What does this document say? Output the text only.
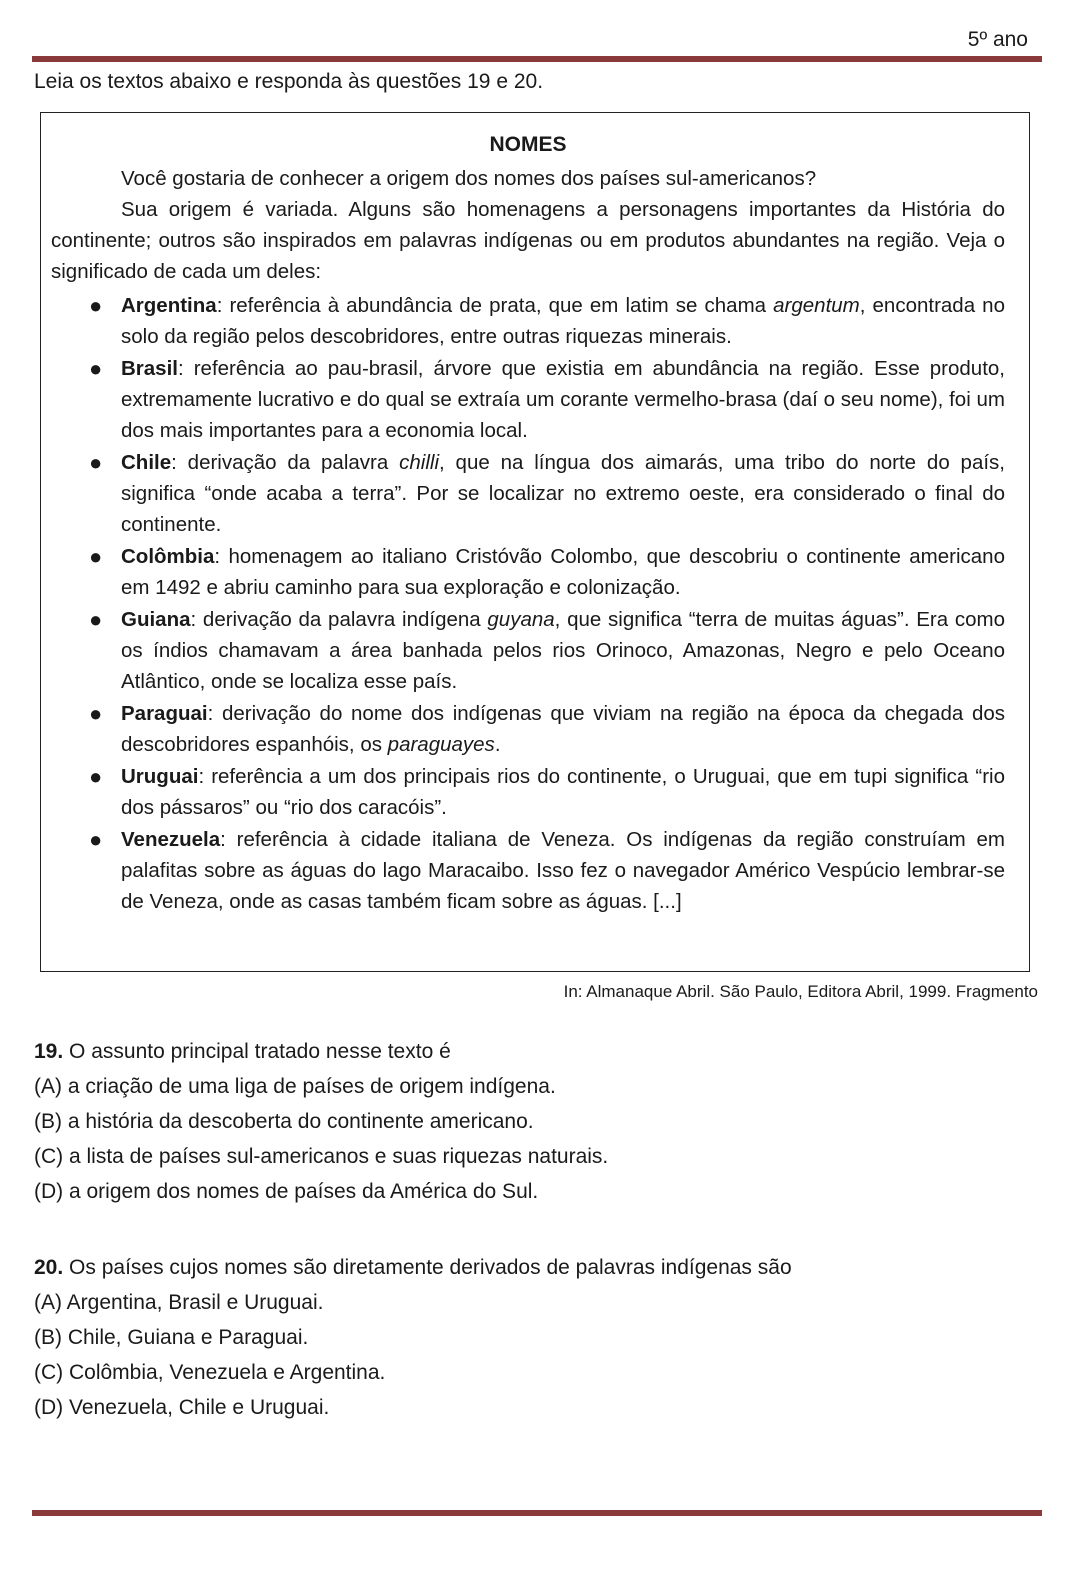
5º ano
Leia os textos abaixo e responda às questões 19 e 20.
NOMES

Você gostaria de conhecer a origem dos nomes dos países sul-americanos?

Sua origem é variada. Alguns são homenagens a personagens importantes da História do continente; outros são inspirados em palavras indígenas ou em produtos abundantes na região. Veja o significado de cada um deles:

● Argentina: referência à abundância de prata, que em latim se chama argentum, encontrada no solo da região pelos descobridores, entre outras riquezas minerais.
● Brasil: referência ao pau-brasil, árvore que existia em abundância na região. Esse produto, extremamente lucrativo e do qual se extraía um corante vermelho-brasa (daí o seu nome), foi um dos mais importantes para a economia local.
● Chile: derivação da palavra chilli, que na língua dos aimarás, uma tribo do norte do país, significa “onde acaba a terra”. Por se localizar no extremo oeste, era considerado o final do continente.
● Colômbia: homenagem ao italiano Cristóvão Colombo, que descobriu o continente americano em 1492 e abriu caminho para sua exploração e colonização.
● Guiana: derivação da palavra indígena guyana, que significa “terra de muitas águas”. Era como os índios chamavam a área banhada pelos rios Orinoco, Amazonas, Negro e pelo Oceano Atlântico, onde se localiza esse país.
● Paraguai: derivação do nome dos indígenas que viviam na região na época da chegada dos descobridores espanhóis, os paraguayes.
● Uruguai: referência a um dos principais rios do continente, o Uruguai, que em tupi significa “rio dos pássaros” ou “rio dos caracóis”.
● Venezuela: referência à cidade italiana de Veneza. Os indígenas da região construíam em palafitas sobre as águas do lago Maracaibo. Isso fez o navegador Américo Vespúcio lembrar-se de Veneza, onde as casas também ficam sobre as águas. [...]
In: Almanaque Abril. São Paulo, Editora Abril, 1999. Fragmento
19. O assunto principal tratado nesse texto é
(A) a criação de uma liga de países de origem indígena.
(B) a história da descoberta do continente americano.
(C) a lista de países sul-americanos e suas riquezas naturais.
(D) a origem dos nomes de países da América do Sul.
20. Os países cujos nomes são diretamente derivados de palavras indígenas são
(A) Argentina, Brasil e Uruguai.
(B) Chile, Guiana e Paraguai.
(C) Colômbia, Venezuela e Argentina.
(D) Venezuela, Chile e Uruguai.
